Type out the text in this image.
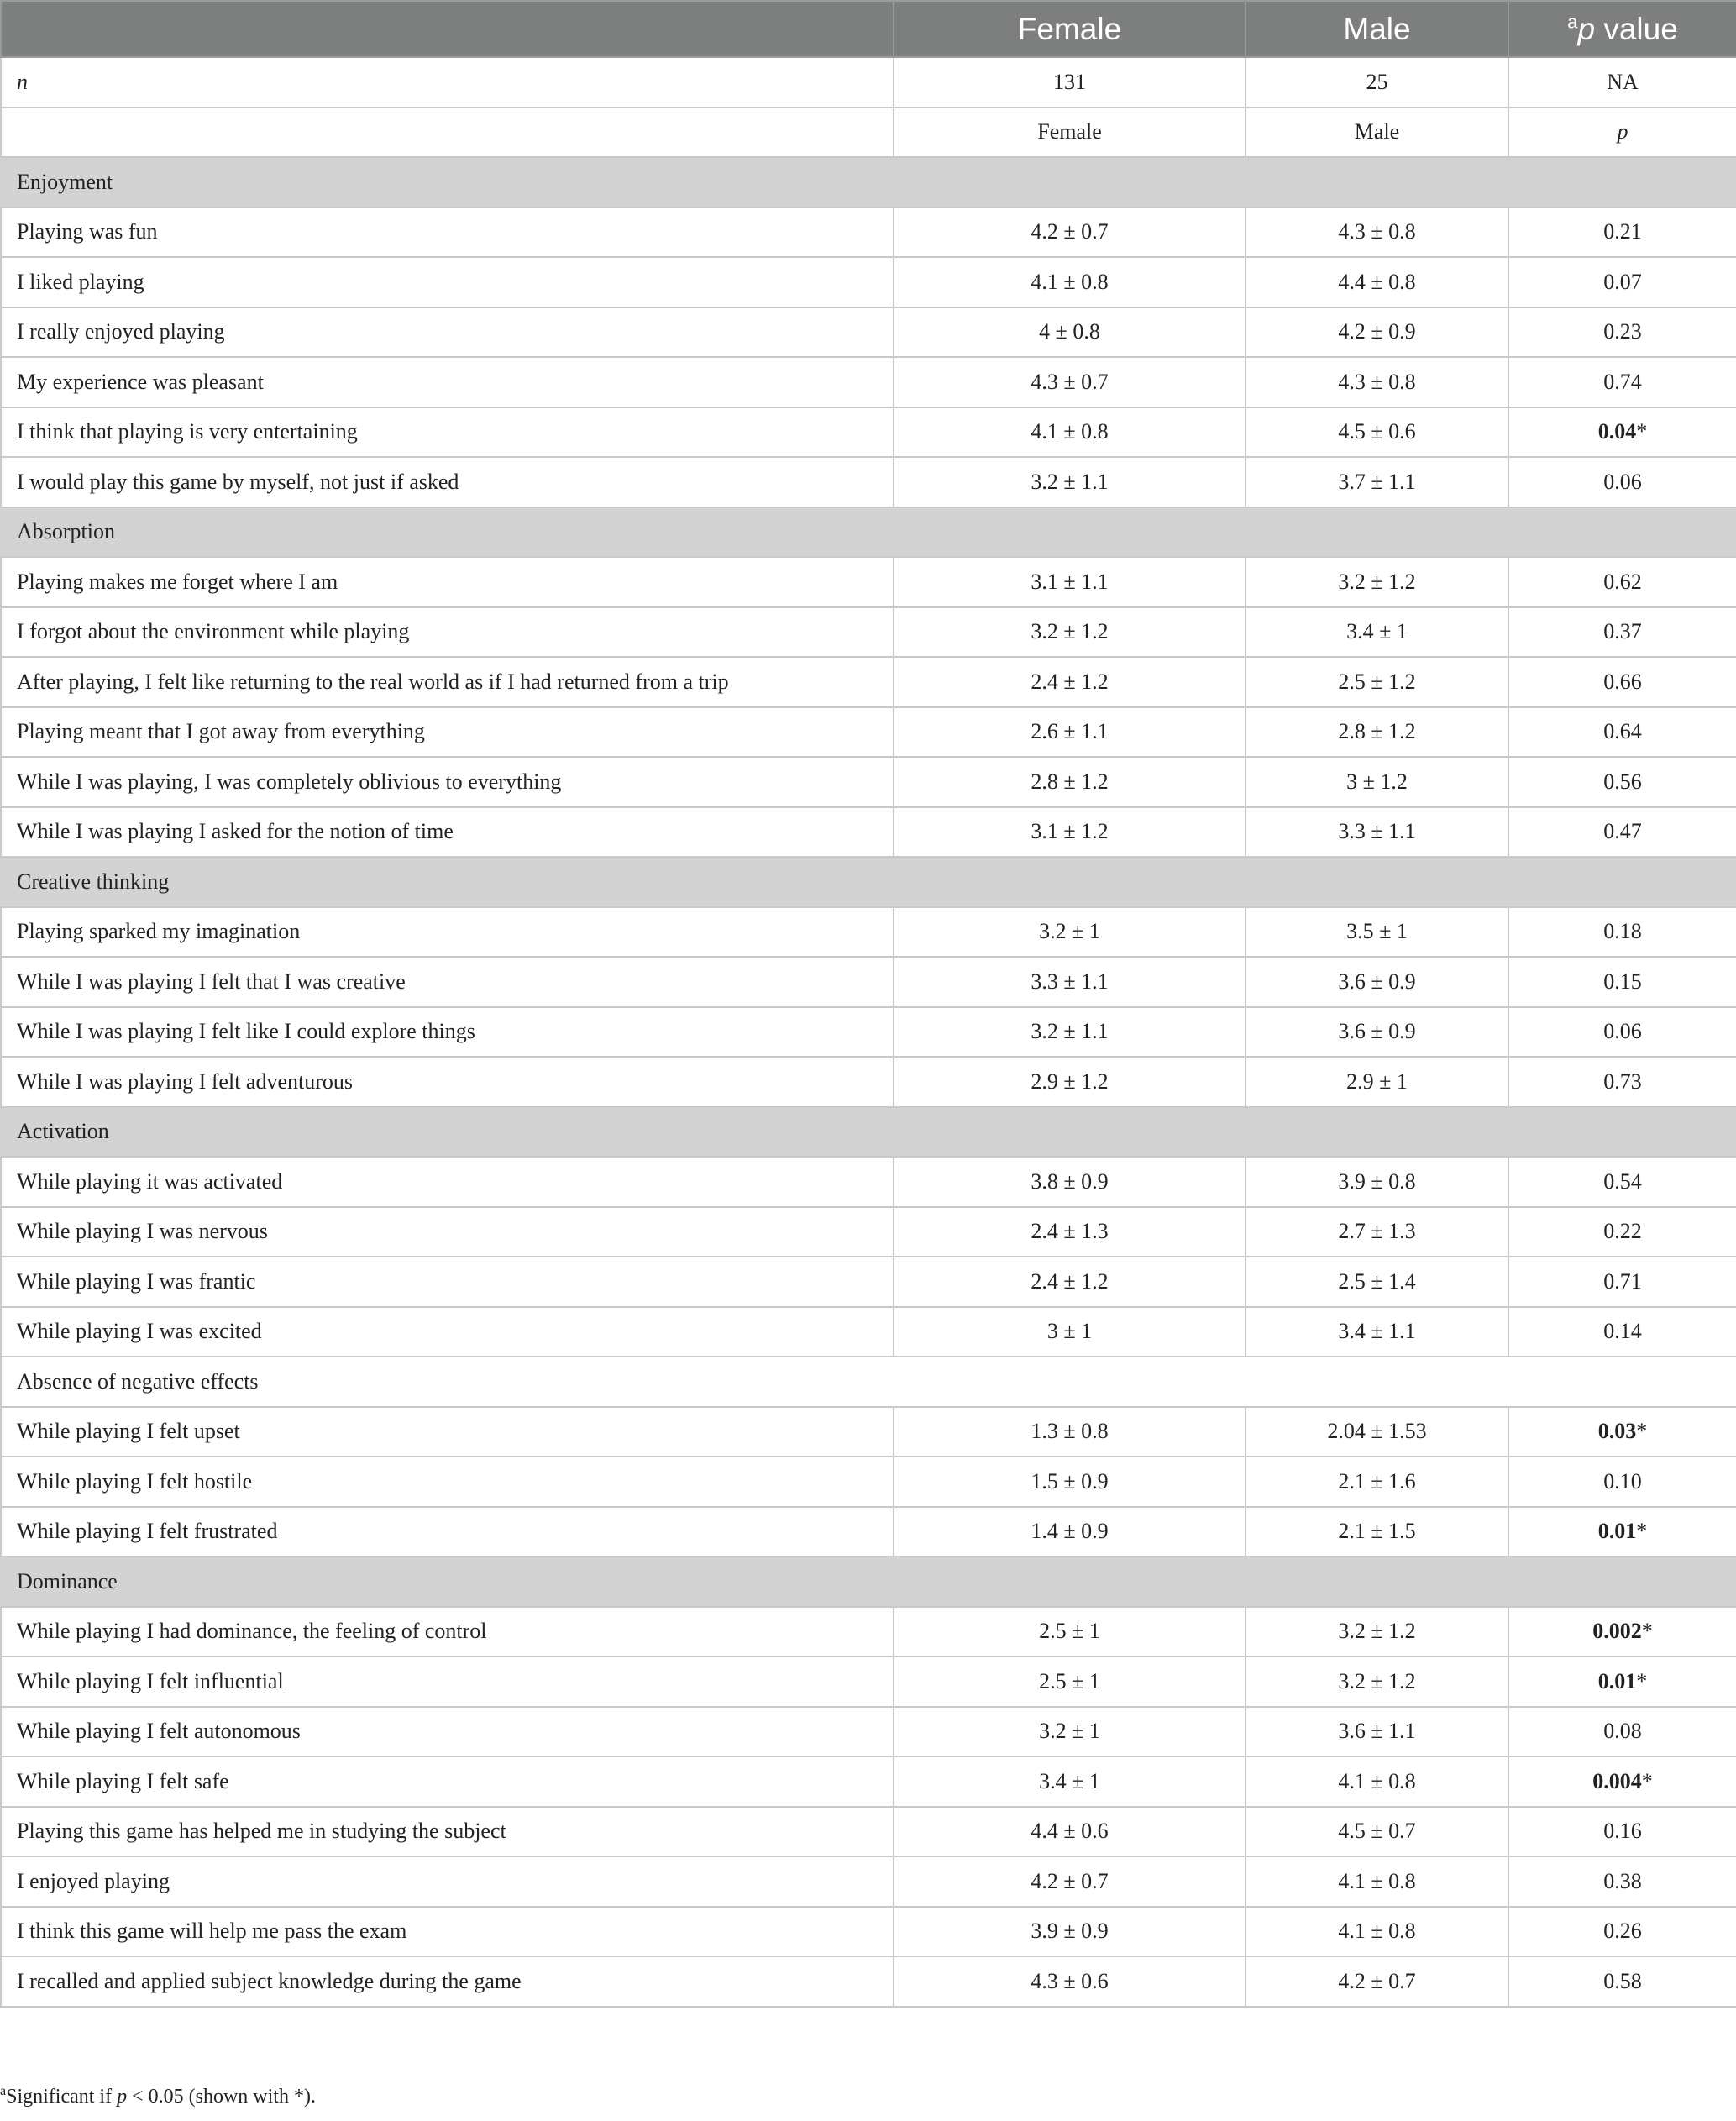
	Female	Male	$^a$p value
n	131	25	NA
	Female	Male	p
Enjoyment			
Playing was fun	4.2 ± 0.7	4.3 ± 0.8	0.21
I liked playing	4.1 ± 0.8	4.4 ± 0.8	0.07
I really enjoyed playing	4 ± 0.8	4.2 ± 0.9	0.23
My experience was pleasant	4.3 ± 0.7	4.3 ± 0.8	0.74
I think that playing is very entertaining	4.1 ± 0.8	4.5 ± 0.6	0.04*
I would play this game by myself, not just if asked	3.2 ± 1.1	3.7 ± 1.1	0.06
Absorption			
Playing makes me forget where I am	3.1 ± 1.1	3.2 ± 1.2	0.62
I forgot about the environment while playing	3.2 ± 1.2	3.4 ± 1	0.37
After playing, I felt like returning to the real world as if I had returned from a trip	2.4 ± 1.2	2.5 ± 1.2	0.66
Playing meant that I got away from everything	2.6 ± 1.1	2.8 ± 1.2	0.64
While I was playing, I was completely oblivious to everything	2.8 ± 1.2	3 ± 1.2	0.56
While I was playing I asked for the notion of time	3.1 ± 1.2	3.3 ± 1.1	0.47
Creative thinking			
Playing sparked my imagination	3.2 ± 1	3.5 ± 1	0.18
While I was playing I felt that I was creative	3.3 ± 1.1	3.6 ± 0.9	0.15
While I was playing I felt like I could explore things	3.2 ± 1.1	3.6 ± 0.9	0.06
While I was playing I felt adventurous	2.9 ± 1.2	2.9 ± 1	0.73
Activation			
While playing it was activated	3.8 ± 0.9	3.9 ± 0.8	0.54
While playing I was nervous	2.4 ± 1.3	2.7 ± 1.3	0.22
While playing I was frantic	2.4 ± 1.2	2.5 ± 1.4	0.71
While playing I was excited	3 ± 1	3.4 ± 1.1	0.14
Absence of negative effects			
While playing I felt upset	1.3 ± 0.8	2.04 ± 1.53	0.03*
While playing I felt hostile	1.5 ± 0.9	2.1 ± 1.6	0.10
While playing I felt frustrated	1.4 ± 0.9	2.1 ± 1.5	0.01*
Dominance			
While playing I had dominance, the feeling of control	2.5 ± 1	3.2 ± 1.2	0.002*
While playing I felt influential	2.5 ± 1	3.2 ± 1.2	0.01*
While playing I felt autonomous	3.2 ± 1	3.6 ± 1.1	0.08
While playing I felt safe	3.4 ± 1	4.1 ± 0.8	0.004*
Playing this game has helped me in studying the subject	4.4 ± 0.6	4.5 ± 0.7	0.16
I enjoyed playing	4.2 ± 0.7	4.1 ± 0.8	0.38
I think this game will help me pass the exam	3.9 ± 0.9	4.1 ± 0.8	0.26
I recalled and applied subject knowledge during the game	4.3 ± 0.6	4.2 ± 0.7	0.58
$^a$Significant if p < 0.05 (shown with *).
